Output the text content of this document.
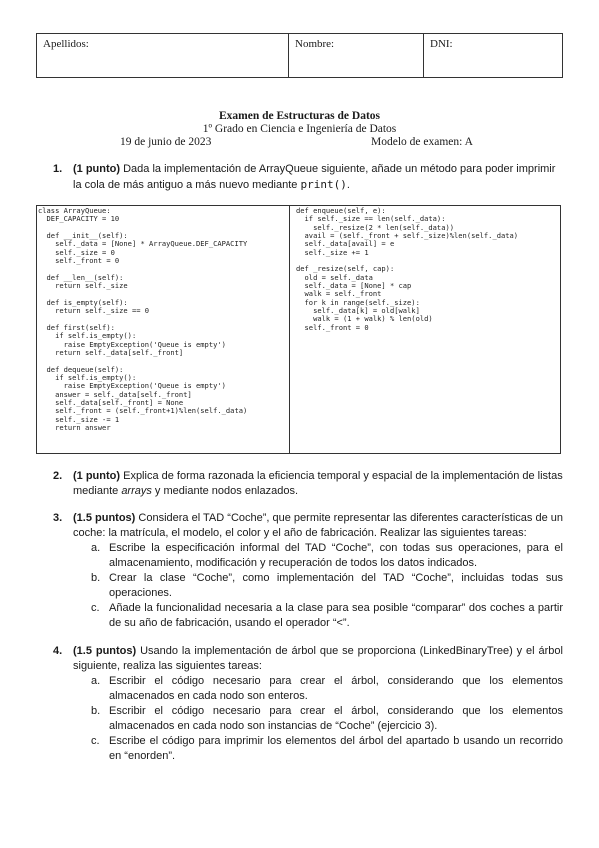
Apellidos:	Nombre:	DNI:
Examen de Estructuras de Datos
1º Grado en Ciencia e Ingeniería de Datos
19 de junio de 2023	Modelo de examen: A
1. (1 punto) Dada la implementación de ArrayQueue siguiente, añade un método para poder imprimir la cola de más antiguo a más nuevo mediante print().
class ArrayQueue:
DEF_CAPACITY = 10

def __init__(self):
self._data = [None] * ArrayQueue.DEF_CAPACITY
self._size = 0
self._front = 0

def __len__(self):
return self._size

def is_empty(self):
return self._size == 0

def first(self):
if self.is_empty():
raise EmptyException('Queue is empty')
return self._data[self._front]

def dequeue(self):
if self.is_empty():
raise EmptyException('Queue is empty')
answer = self._data[self._front]
self._data[self._front] = None
self._front = (self._front+1)%len(self._data)
self._size -= 1
return answer
def enqueue(self, e):
if self._size == len(self._data):
self._resize(2 * len(self._data))
avail = (self._front + self._size)%len(self._data)
self._data[avail] = e
self._size += 1

def _resize(self, cap):
old = self._data
self._data = [None] * cap
walk = self._front
for k in range(self._size):
self._data[k] = old[walk]
walk = (1 + walk) % len(old)
self._front = 0
2. (1 punto) Explica de forma razonada la eficiencia temporal y espacial de la implementación de listas mediante arrays y mediante nodos enlazados.
3. (1.5 puntos) Considera el TAD “Coche”, que permite representar las diferentes características de un coche: la matrícula, el modelo, el color y el año de fabricación. Realizar las siguientes tareas:
a. Escribe la especificación informal del TAD “Coche”, con todas sus operaciones, para el almacenamiento, modificación y recuperación de todos los datos indicados.
b. Crear la clase “Coche”, como implementación del TAD “Coche”, incluidas todas sus operaciones.
c. Añade la funcionalidad necesaria a la clase para sea posible “comparar” dos coches a partir de su año de fabricación, usando el operador “<”.
4. (1.5 puntos) Usando la implementación de árbol que se proporciona (LinkedBinaryTree) y el árbol siguiente, realiza las siguientes tareas:
a. Escribir el código necesario para crear el árbol, considerando que los elementos almacenados en cada nodo son enteros.
b. Escribir el código necesario para crear el árbol, considerando que los elementos almacenados en cada nodo son instancias de “Coche” (ejercicio 3).
c. Escribe el código para imprimir los elementos del árbol del apartado b usando un recorrido en “enorden”.
